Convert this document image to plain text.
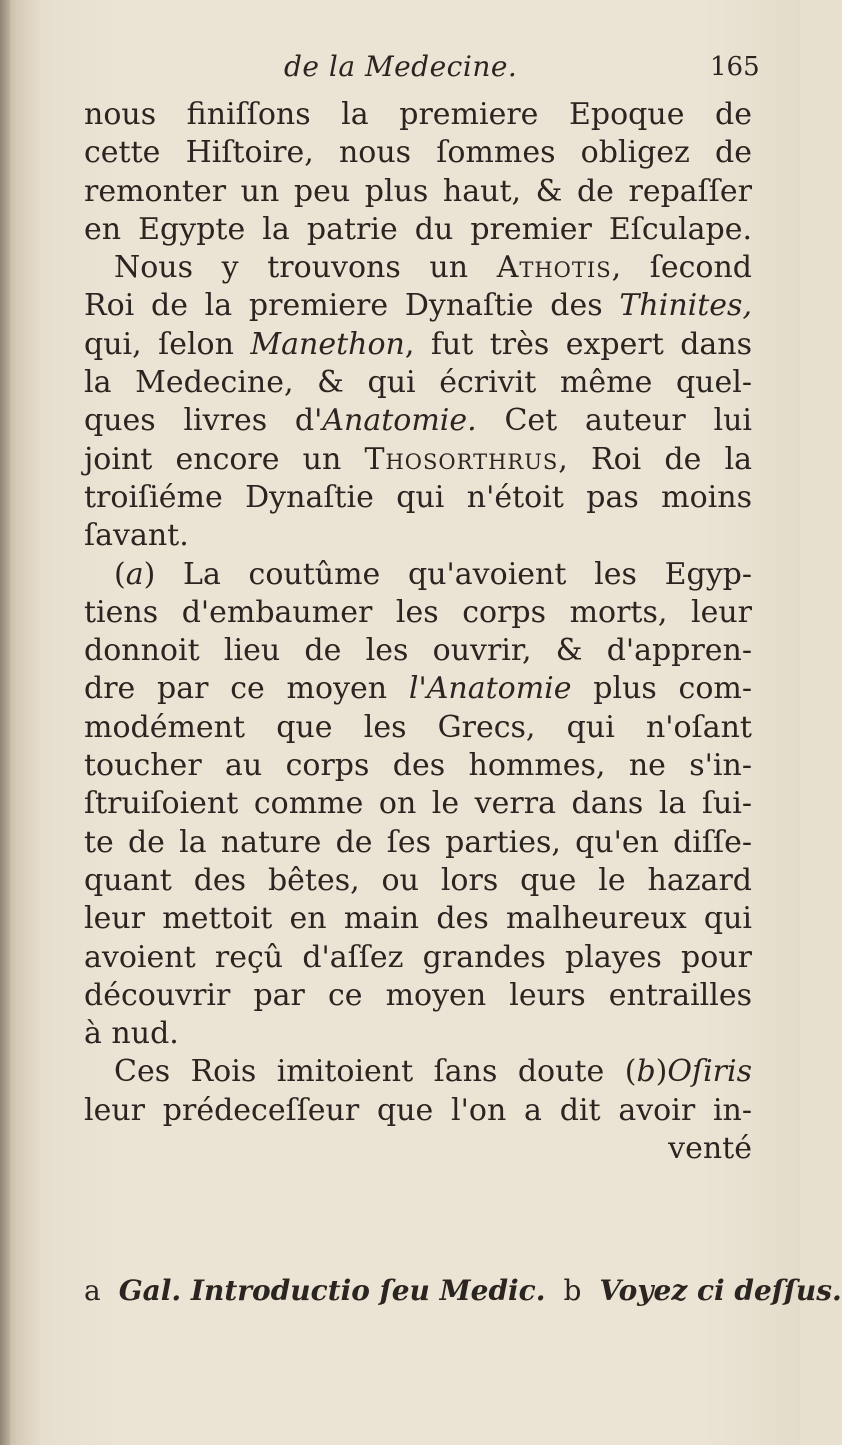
de la Medecine.	165
nous finiſſons la premiere Epoque de
cette Hiſtoire, nous ſommes obligez de
remonter un peu plus haut, & de repaſſer
en Egypte la patrie du premier Eſculape.
Nous y trouvons un Athotis, ſecond
Roi de la premiere Dynaſtie des Thinites,
qui, ſelon Manethon, fut très expert dans
la Medecine, & qui écrivit même quel-
ques livres d'Anatomie. Cet auteur lui
joint encore un Thosorthrus, Roi de la
troiſiéme Dynaſtie qui n'étoit pas moins
ſavant.
(a) La coutûme qu'avoient les Egyp-
tiens d'embaumer les corps morts, leur
donnoit lieu de les ouvrir, & d'appren-
dre par ce moyen l'Anatomie plus com-
modément que les Grecs, qui n'oſant
toucher au corps des hommes, ne s'in-
ſtruiſoient comme on le verra dans la ſui-
te de la nature de ſes parties, qu'en diſſe-
quant des bêtes, ou lors que le hazard
leur mettoit en main des malheureux qui
avoient reçû d'aſſez grandes playes pour
découvrir par ce moyen leurs entrailles
à nud.
Ces Rois imitoient ſans doute (b)Oſiris
leur prédeceſſeur que l'on a dit avoir in-
venté
a Gal. Introductio ſeu Medic. b Voyez ci deſſus.
